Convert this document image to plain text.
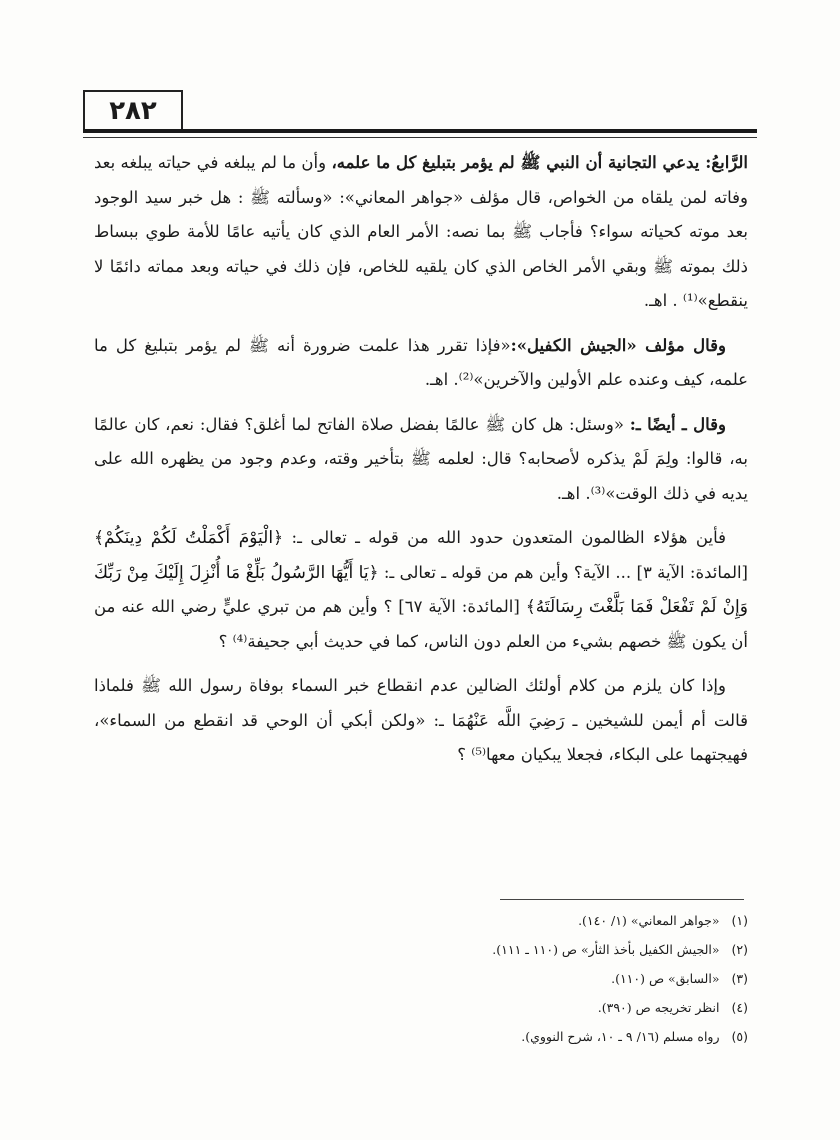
٢٨٢

الرَّابعُ: يدعي التجانية أن النبي ﷺ لم يؤمر بتبليغ كل ما علمه، وأن ما لم يبلغه في حياته يبلغه بعد وفاته لمن يلقاه من الخواص، قال مؤلف «جواهر المعاني»: «وسألته ﷺ : هل خبر سيد الوجود بعد موته كحياته سواء؟ فأجاب ﷺ بما نصه: الأمر العام الذي كان يأتيه عامًا للأمة طوي ببساط ذلك بموته ﷺ وبقي الأمر الخاص الذي كان يلقيه للخاص، فإن ذلك في حياته وبعد مماته دائمًا لا ينقطع»⁽¹⁾ . اهـ.

وقال مؤلف «الجيش الكفيل»:«فإذا تقرر هذا علمت ضرورة أنه ﷺ لم يؤمر بتبليغ كل ما علمه، كيف وعنده علم الأولين والآخرين»⁽²⁾. اهـ.

وقال ـ أيضًا ـ: «وسئل: هل كان ﷺ عالمًا بفضل صلاة الفاتح لما أغلق؟ فقال: نعم، كان عالمًا به، قالوا: ولِمَ لَمْ يذكره لأصحابه؟ قال: لعلمه ﷺ بتأخير وقته، وعدم وجود من يظهره الله على يديه في ذلك الوقت»⁽³⁾. اهـ.

فأين هؤلاء الظالمون المتعدون حدود الله من قوله ـ تعالى ـ: ﴿الْيَوْمَ أَكْمَلْتُ لَكُمْ دِينَكُمْ﴾ [المائدة: الآية ٣] ... الآية؟ وأين هم من قوله ـ تعالى ـ: ﴿يَا أَيُّهَا الرَّسُولُ بَلِّغْ مَا أُنْزِلَ إِلَيْكَ مِنْ رَبِّكَ وَإِنْ لَمْ تَفْعَلْ فَمَا بَلَّغْتَ رِسَالَتَهُ﴾ [المائدة: الآية ٦٧] ؟ وأين هم من تبري عليٍّ رضي الله عنه من أن يكون ﷺ خصهم بشيء من العلم دون الناس، كما في حديث أبي جحيفة⁽⁴⁾ ؟

وإذا كان يلزم من كلام أولئك الضالين عدم انقطاع خبر السماء بوفاة رسول الله ﷺ فلماذا قالت أم أيمن للشيخين ـ رَضِيَ اللَّه عَنْهُمَا ـ: «ولكن أبكي أن الوحي قد انقطع من السماء»، فهيجتهما على البكاء، فجعلا يبكيان معها⁽⁵⁾ ؟

(١)«جواهر المعاني» (١/ ١٤٠).
(٢)«الجيش الكفيل بأخذ الثأر» ص (١١٠ ـ ١١١).
(٣)«السابق» ص (١١٠).
(٤)انظر تخريجه ص (٣٩٠).
(٥)رواه مسلم (١٦/ ٩ ـ ١٠، شرح النووي).
